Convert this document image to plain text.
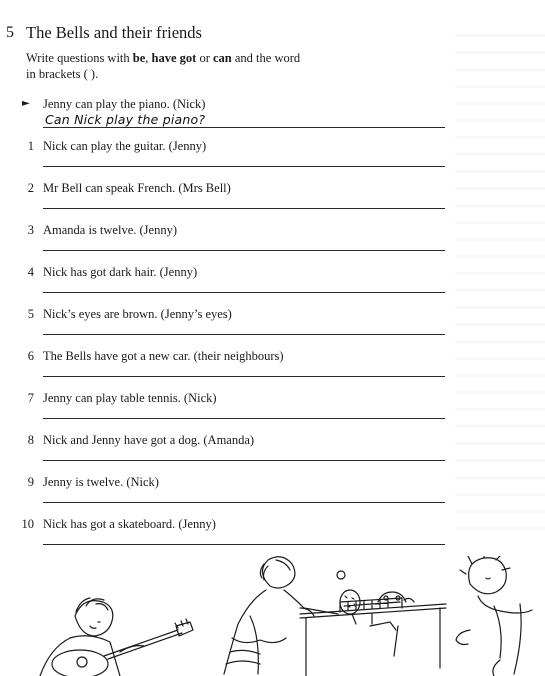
5 The Bells and their friends
Write questions with be, have got or can and the word
in brackets ( ).
► Jenny can play the piano. (Nick)
Can Nick play the piano?
1 Nick can play the guitar. (Jenny)
2 Mr Bell can speak French. (Mrs Bell)
3 Amanda is twelve. (Jenny)
4 Nick has got dark hair. (Jenny)
5 Nick’s eyes are brown. (Jenny’s eyes)
6 The Bells have got a new car. (their neighbours)
7 Jenny can play table tennis. (Nick)
8 Nick and Jenny have got a dog. (Amanda)
9 Jenny is twelve. (Nick)
10 Nick has got a skateboard. (Jenny)
